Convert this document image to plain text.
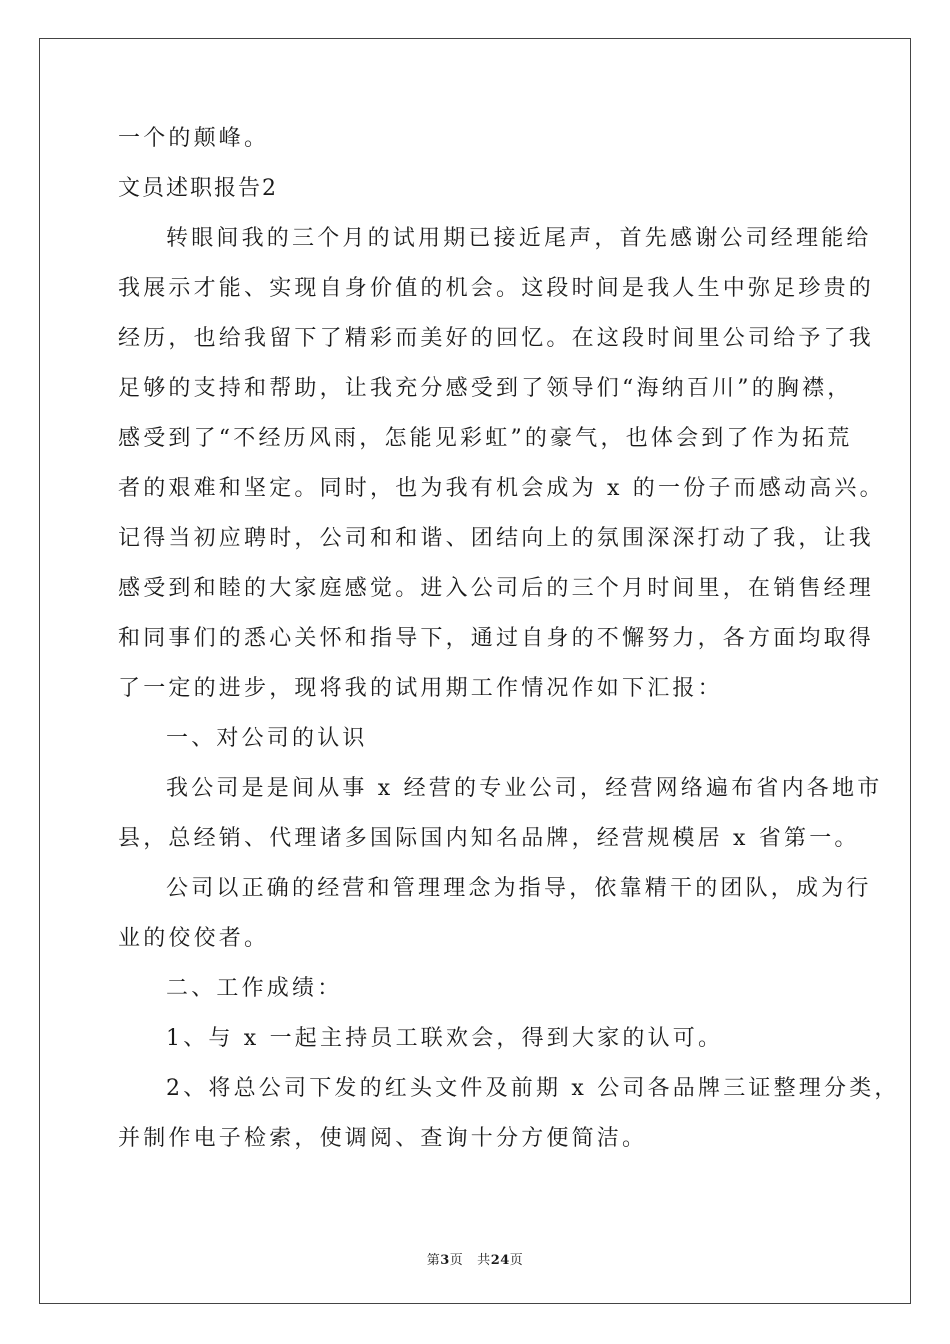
一个的颠峰。
文员述职报告2
转眼间我的三个月的试用期已接近尾声，首先感谢公司经理能给
我展示才能、实现自身价值的机会。这段时间是我人生中弥足珍贵的
经历，也给我留下了精彩而美好的回忆。在这段时间里公司给予了我
足够的支持和帮助，让我充分感受到了领导们“海纳百川”的胸襟，
感受到了“不经历风雨，怎能见彩虹”的豪气，也体会到了作为拓荒
者的艰难和坚定。同时，也为我有机会成为 x 的一份子而感动高兴。
记得当初应聘时，公司和和谐、团结向上的氛围深深打动了我，让我
感受到和睦的大家庭感觉。进入公司后的三个月时间里，在销售经理
和同事们的悉心关怀和指导下，通过自身的不懈努力，各方面均取得
了一定的进步，现将我的试用期工作情况作如下汇报：
一、对公司的认识
我公司是是间从事 x 经营的专业公司，经营网络遍布省内各地市
县，总经销、代理诸多国际国内知名品牌，经营规模居 x 省第一。
公司以正确的经营和管理理念为指导，依靠精干的团队，成为行
业的佼佼者。
二、工作成绩：
1、与 x 一起主持员工联欢会，得到大家的认可。
2、将总公司下发的红头文件及前期 x 公司各品牌三证整理分类，
并制作电子检索，使调阅、查询十分方便简洁。
第3页 共24页
